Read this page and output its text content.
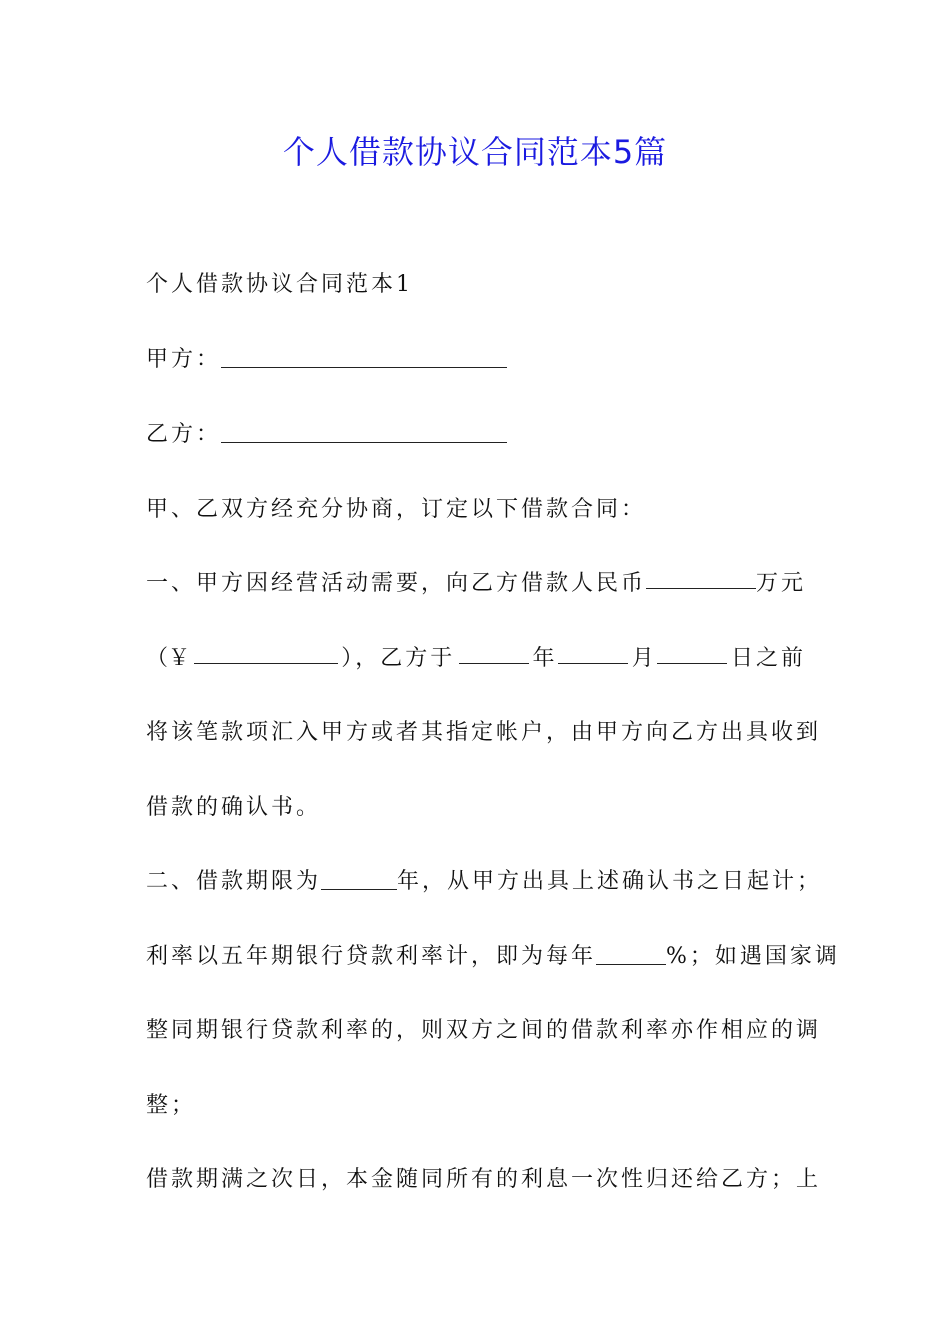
个人借款协议合同范本5篇
个人借款协议合同范本1
甲方：
乙方：
甲、乙双方经充分协商，订定以下借款合同：
一、甲方因经营活动需要，向乙方借款人民币	万元
（￥	），乙方于	年	月	日之前
将该笔款项汇入甲方或者其指定帐户，由甲方向乙方出具收到
借款的确认书。
二、借款期限为	年，从甲方出具上述确认书之日起计；
利率以五年期银行贷款利率计，即为每年	%；如遇国家调
整同期银行贷款利率的，则双方之间的借款利率亦作相应的调
整；
借款期满之次日，本金随同所有的利息一次性归还给乙方；上
